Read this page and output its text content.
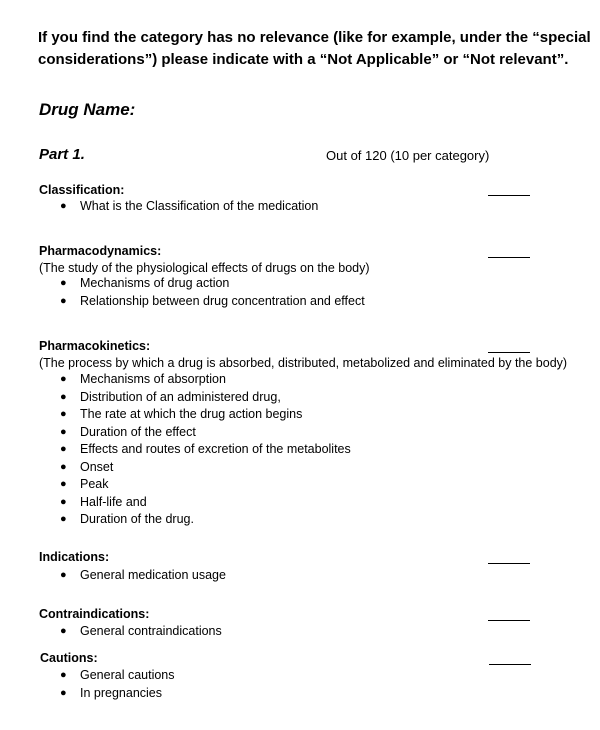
If you find the category has no relevance (like for example, under the “special
considerations”) please indicate with a “Not Applicable” or “Not relevant”.
Drug Name:
Part 1.	Out of 120 (10 per category)
Classification:
● What is the Classification of the medication
Pharmacodynamics:
(The study of the physiological effects of drugs on the body)
● Mechanisms of drug action
● Relationship between drug concentration and effect
Pharmacokinetics:
(The process by which a drug is absorbed, distributed, metabolized and eliminated by the body)
● Mechanisms of absorption
● Distribution of an administered drug,
● The rate at which the drug action begins
● Duration of the effect
● Effects and routes of excretion of the metabolites
● Onset
● Peak
● Half-life and
● Duration of the drug.
Indications:
● General medication usage
Contraindications:
● General contraindications
Cautions:
● General cautions
● In pregnancies
